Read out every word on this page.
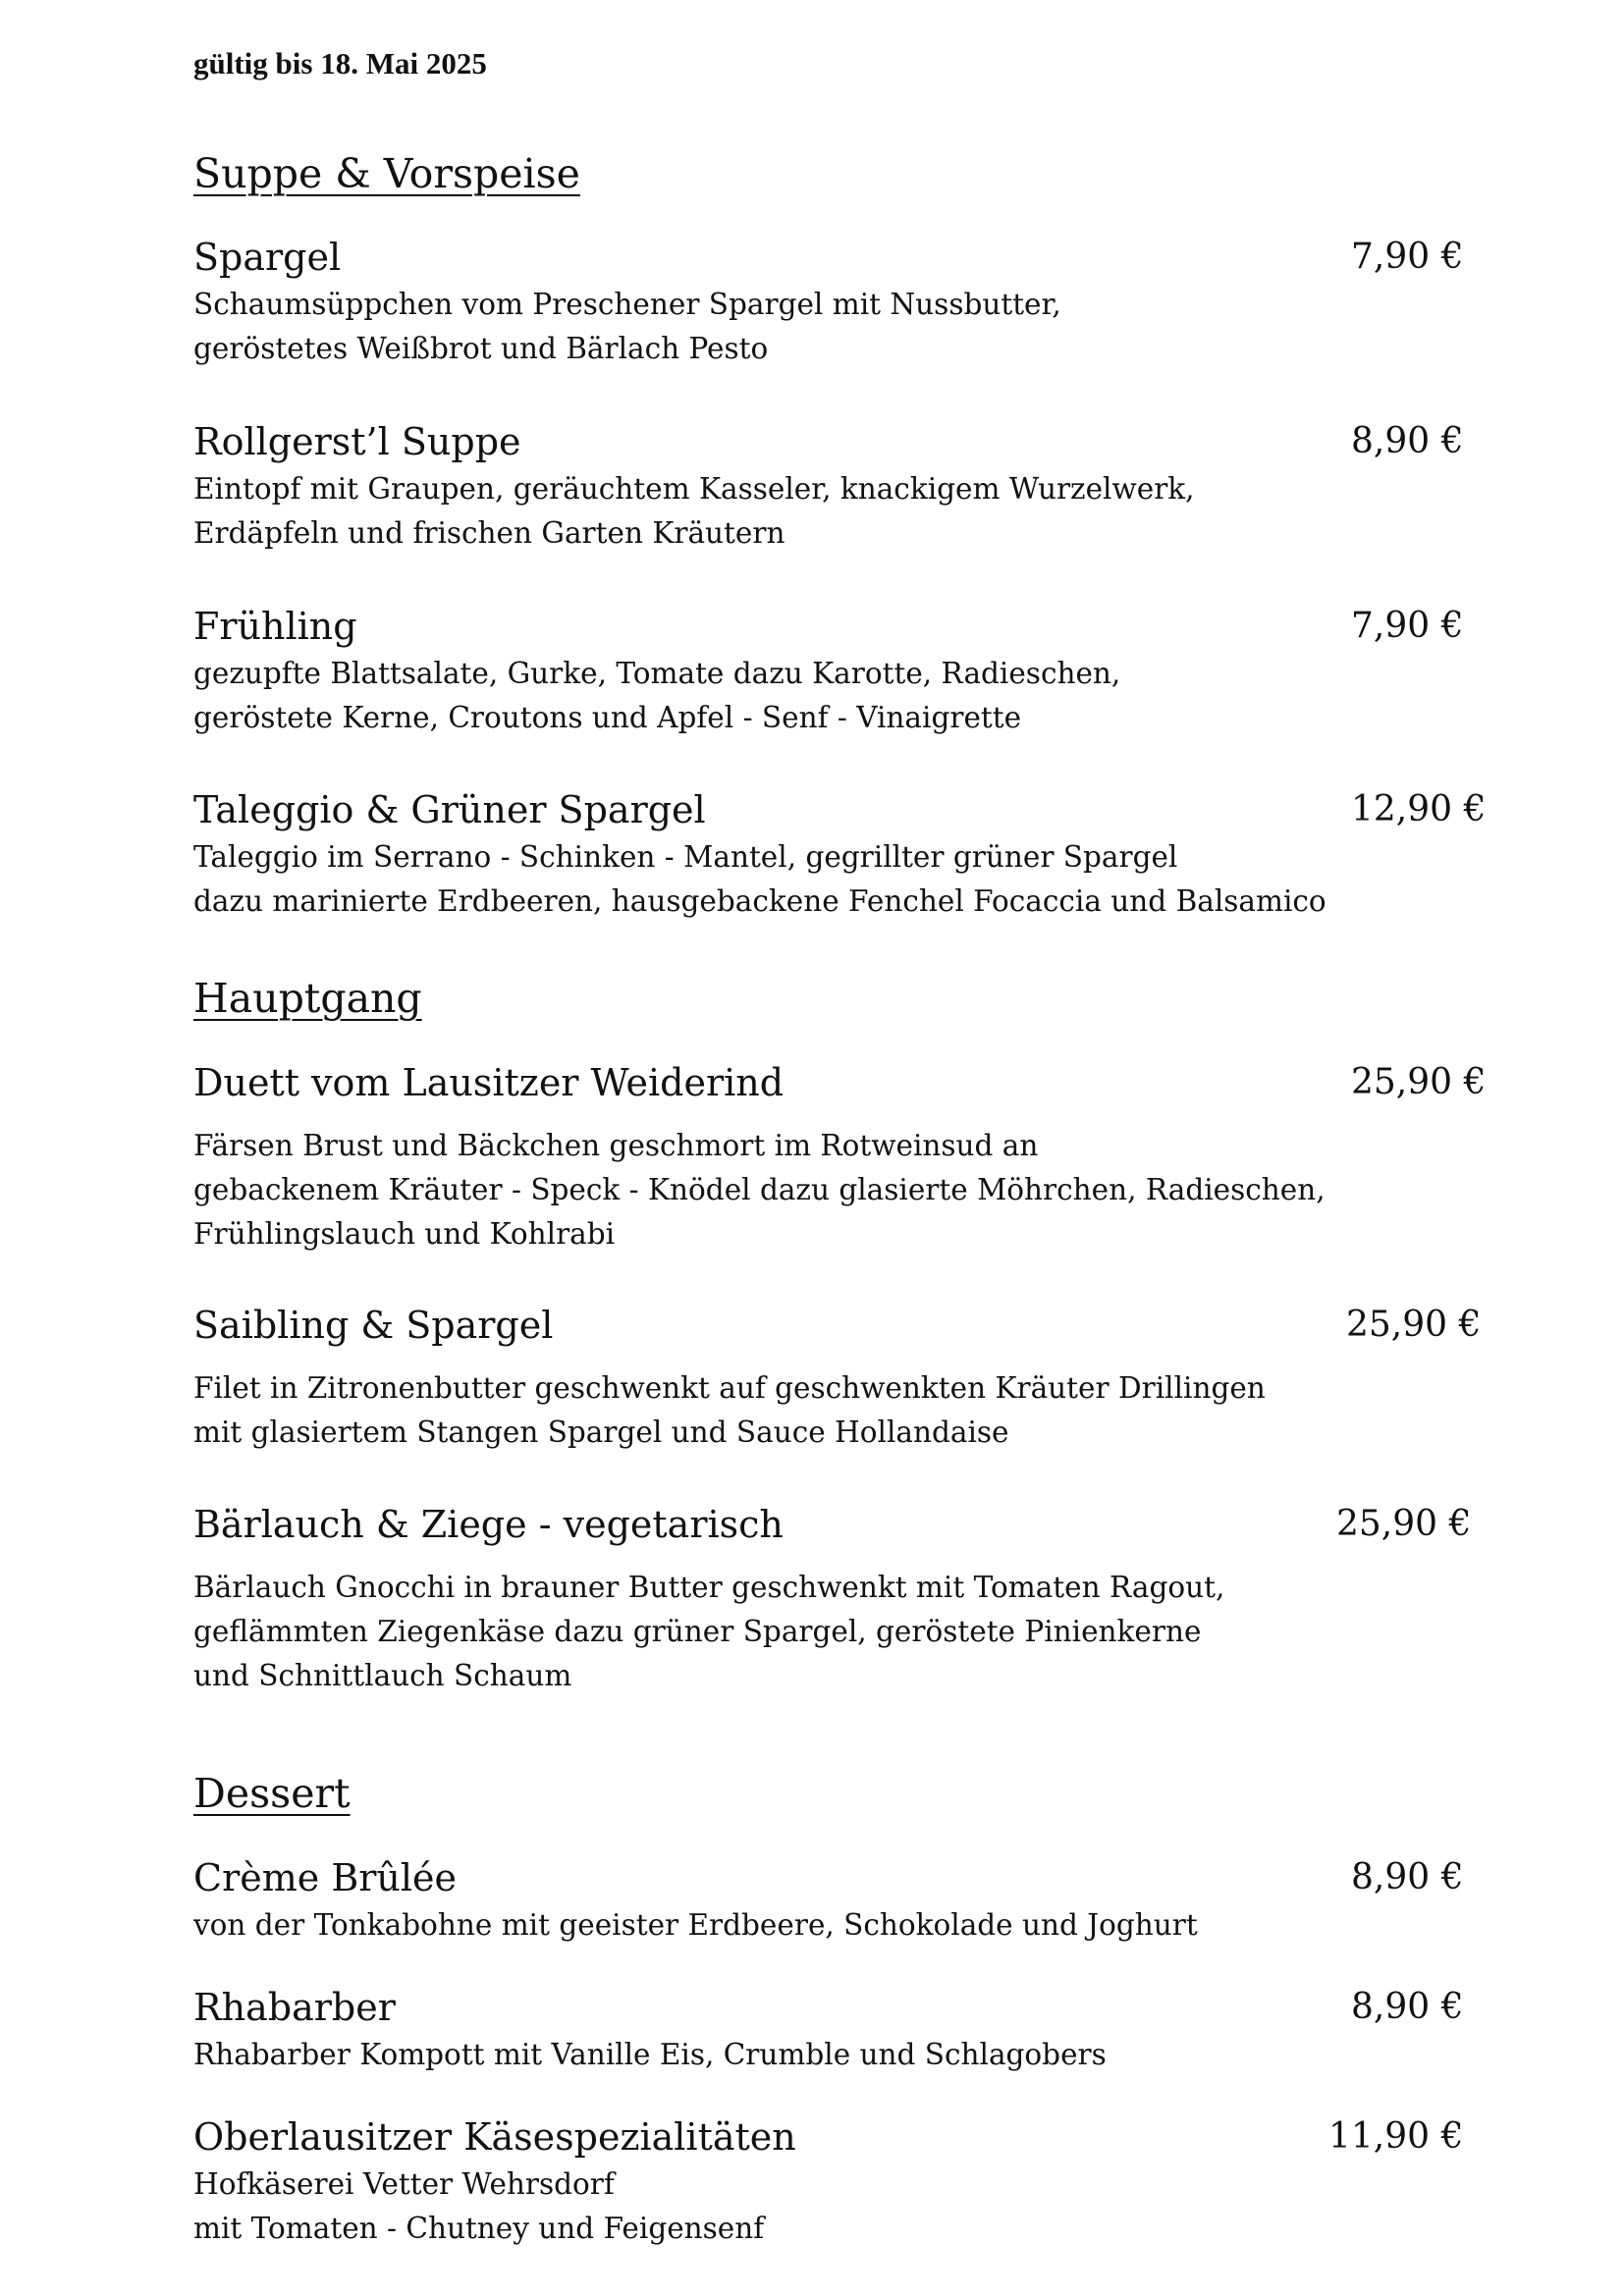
gültig bis 18. Mai 2025
Suppe & Vorspeise
Spargel	7,90 €
Schaumsüppchen vom Preschener Spargel mit Nussbutter,
geröstetes Weißbrot und Bärlach Pesto
Rollgerst’l Suppe	8,90 €
Eintopf mit Graupen, geräuchtem Kasseler, knackigem Wurzelwerk,
Erdäpfeln und frischen Garten Kräutern
Frühling	7,90 €
gezupfte Blattsalate, Gurke, Tomate dazu Karotte, Radieschen,
geröstete Kerne, Croutons und Apfel - Senf - Vinaigrette
Taleggio & Grüner Spargel	12,90 €
Taleggio im Serrano - Schinken - Mantel, gegrillter grüner Spargel
dazu marinierte Erdbeeren, hausgebackene Fenchel Focaccia und Balsamico
Hauptgang
Duett vom Lausitzer Weiderind	25,90 €
Färsen Brust und Bäckchen geschmort im Rotweinsud an
gebackenem Kräuter - Speck - Knödel dazu glasierte Möhrchen, Radieschen,
Frühlingslauch und Kohlrabi
Saibling & Spargel	25,90 €
Filet in Zitronenbutter geschwenkt auf geschwenkten Kräuter Drillingen
mit glasiertem Stangen Spargel und Sauce Hollandaise
Bärlauch & Ziege - vegetarisch	25,90 €
Bärlauch Gnocchi in brauner Butter geschwenkt mit Tomaten Ragout,
geflämmten Ziegenkäse dazu grüner Spargel, geröstete Pinienkerne
und Schnittlauch Schaum
Dessert
Crème Brûlée	8,90 €
von der Tonkabohne mit geeister Erdbeere, Schokolade und Joghurt
Rhabarber	8,90 €
Rhabarber Kompott mit Vanille Eis, Crumble und Schlagobers
Oberlausitzer Käsespezialitäten	11,90 €
Hofkäserei Vetter Wehrsdorf
mit Tomaten - Chutney und Feigensenf
